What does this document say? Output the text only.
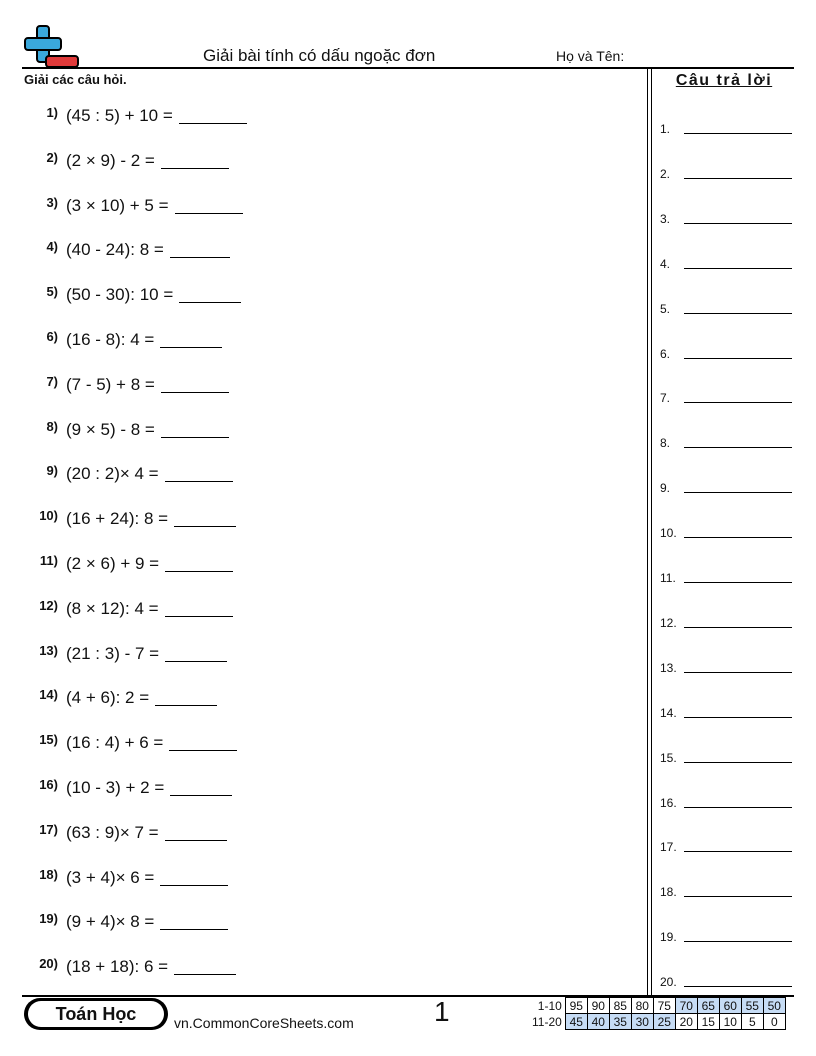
Giải bài tính có dấu ngoặc đơn	Họ và Tên:
Giải các câu hỏi.
1) (45 : 5) + 10 =
2) (2 × 9) - 2 =
3) (3 × 10) + 5 =
4) (40 - 24): 8 =
5) (50 - 30): 10 =
6) (16 - 8): 4 =
7) (7 - 5) + 8 =
8) (9 × 5) - 8 =
9) (20 : 2)× 4 =
10) (16 + 24): 8 =
11) (2 × 6) + 9 =
12) (8 × 12): 4 =
13) (21 : 3) - 7 =
14) (4 + 6): 2 =
15) (16 : 4) + 6 =
16) (10 - 3) + 2 =
17) (63 : 9)× 7 =
18) (3 + 4)× 6 =
19) (9 + 4)× 8 =
20) (18 + 18): 6 =
Câu trả lời
1.
2.
3.
4.
5.
6.
7.
8.
9.
10.
11.
12.
13.
14.
15.
16.
17.
18.
19.
20.
Toán Học	vn.CommonCoreSheets.com	1	1-10	95	90	85	80	75	70	65	60	55	50
11-20	45	40	35	30	25	20	15	10	5	0
